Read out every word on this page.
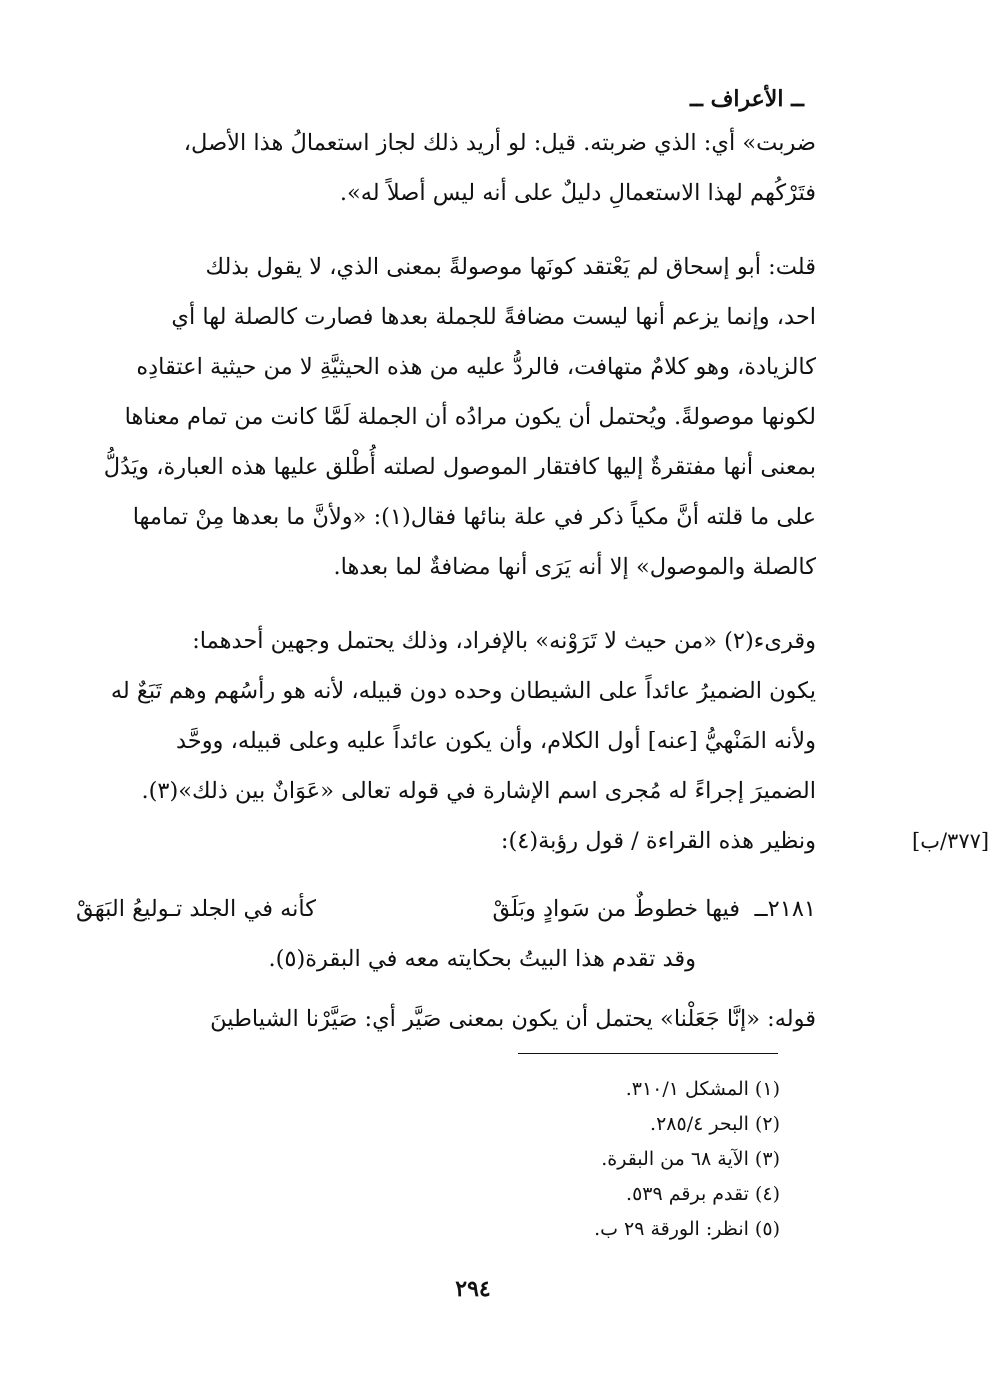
ــ الأعراف ــ

ضربت» أي: الذي ضربته. قيل: لو أريد ذلك لجاز استعمالُ هذا الأصل،
فتَرْكُهم لهذا الاستعمالِ دليلٌ على أنه ليس أصلاً له».

قلت: أبو إسحاق لم يَعْتقد كونَها موصولةً بمعنى الذي، لا يقول بذلك
احد، وإنما يزعم أنها ليست مضافةً للجملة بعدها فصارت كالصلة لها أي
كالزيادة، وهو كلامٌ متهافت، فالردُّ عليه من هذه الحيثيَّةِ لا من حيثية اعتقادِه
لكونها موصولةً. ويُحتمل أن يكون مرادُه أن الجملة لَمَّا كانت من تمام معناها
بمعنى أنها مفتقرةٌ إليها كافتقار الموصول لصلته أُطْلق عليها هذه العبارة، ويَدُلُّ
على ما قلته أنَّ مكياً ذكر في علة بنائها فقال(١): «ولأنَّ ما بعدها مِنْ تمامها
كالصلة والموصول» إلا أنه يَرَى أنها مضافةٌ لما بعدها.

وقرىء(٢) «من حيث لا تَرَوْنه» بالإفراد، وذلك يحتمل وجهين أحدهما:
يكون الضميرُ عائداً على الشيطان وحده دون قبيله، لأنه هو رأسُهم وهم تَبَعٌ له
ولأنه المَنْهيُّ [عنه] أول الكلام، وأن يكون عائداً عليه وعلى قبيله، ووحَّد
الضميرَ إجراءً له مُجرى اسم الإشارة في قوله تعالى «عَوَانٌ بين ذلك»(٣).
ونظير هذه القراءة / قول رؤبة(٤):	[٣٧٧/ب]

٢١٨١ــ
فيها خطوطٌ من سَوادٍ وبَلَقْ
كأنه في الجلد تـوليعُ البَهَقْ

وقد تقدم هذا البيتُ بحكايته معه في البقرة(٥).

قوله: «إنَّا جَعَلْنا» يحتمل أن يكون بمعنى صَيَّر أي: صَيَّرْنا الشياطينَ

(١) المشكل ٣١٠/١.
(٢) البحر ٢٨٥/٤.
(٣) الآية ٦٨ من البقرة.
(٤) تقدم برقم ٥٣٩.
(٥) انظر: الورقة ٢٩ ب.
٢٩٤
